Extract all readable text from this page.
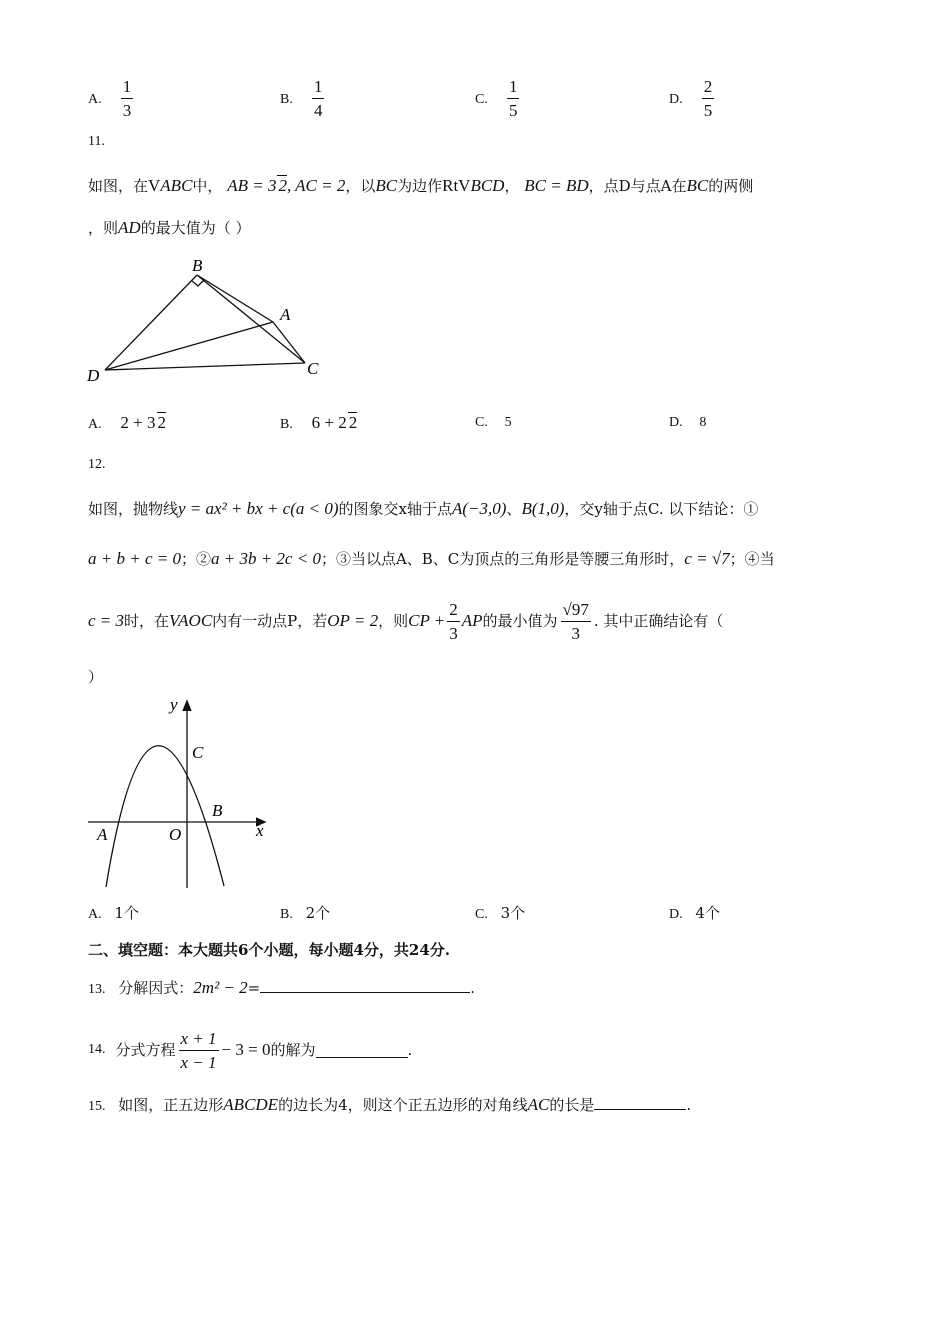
A. $\frac{1}{3}$	B. $\frac{1}{4}$	C. $\frac{1}{5}$	D. $\frac{2}{5}$
11.
如图，在VABC中， AB = 3 2, AC = 2，以BC为边作RtVBCD， BC = BD，点D与点A在BC的两侧
，则AD的最大值为（ ）
B
A
C
D
A. 2 + 3 2	B. 6 + 2 2	C. 5	D. 8
12.
如图，抛物线y = ax² + bx + c(a < 0)的图象交x轴于点A(−3,0)、B(1,0)，交y轴于点C. 以下结论：①
a + b + c = 0；②a + 3b + 2c < 0；③当以点A、B、C为顶点的三角形是等腰三角形时，c = √7；④当
c = 3 时，在 VAOC 内有一动点P，若 OP = 2 ，则 CP + $\frac{2}{3}$ AP 的最小值为 $\frac{√97}{3}$ . 其中正确结论有（
）
y
x
C
B
A	O
A. 1个	B. 2个	C. 3个	D. 4个
二、填空题：本大题共6个小题，每小题4分，共24分.
13. 分解因式：2m² − 2=	.
14. 分式方程 $\frac{x + 1}{x - 1} - 3 = 0$ 的解为	.
15. 如图，正五边形ABCDE的边长为4，则这个正五边形的对角线AC的长是	.
